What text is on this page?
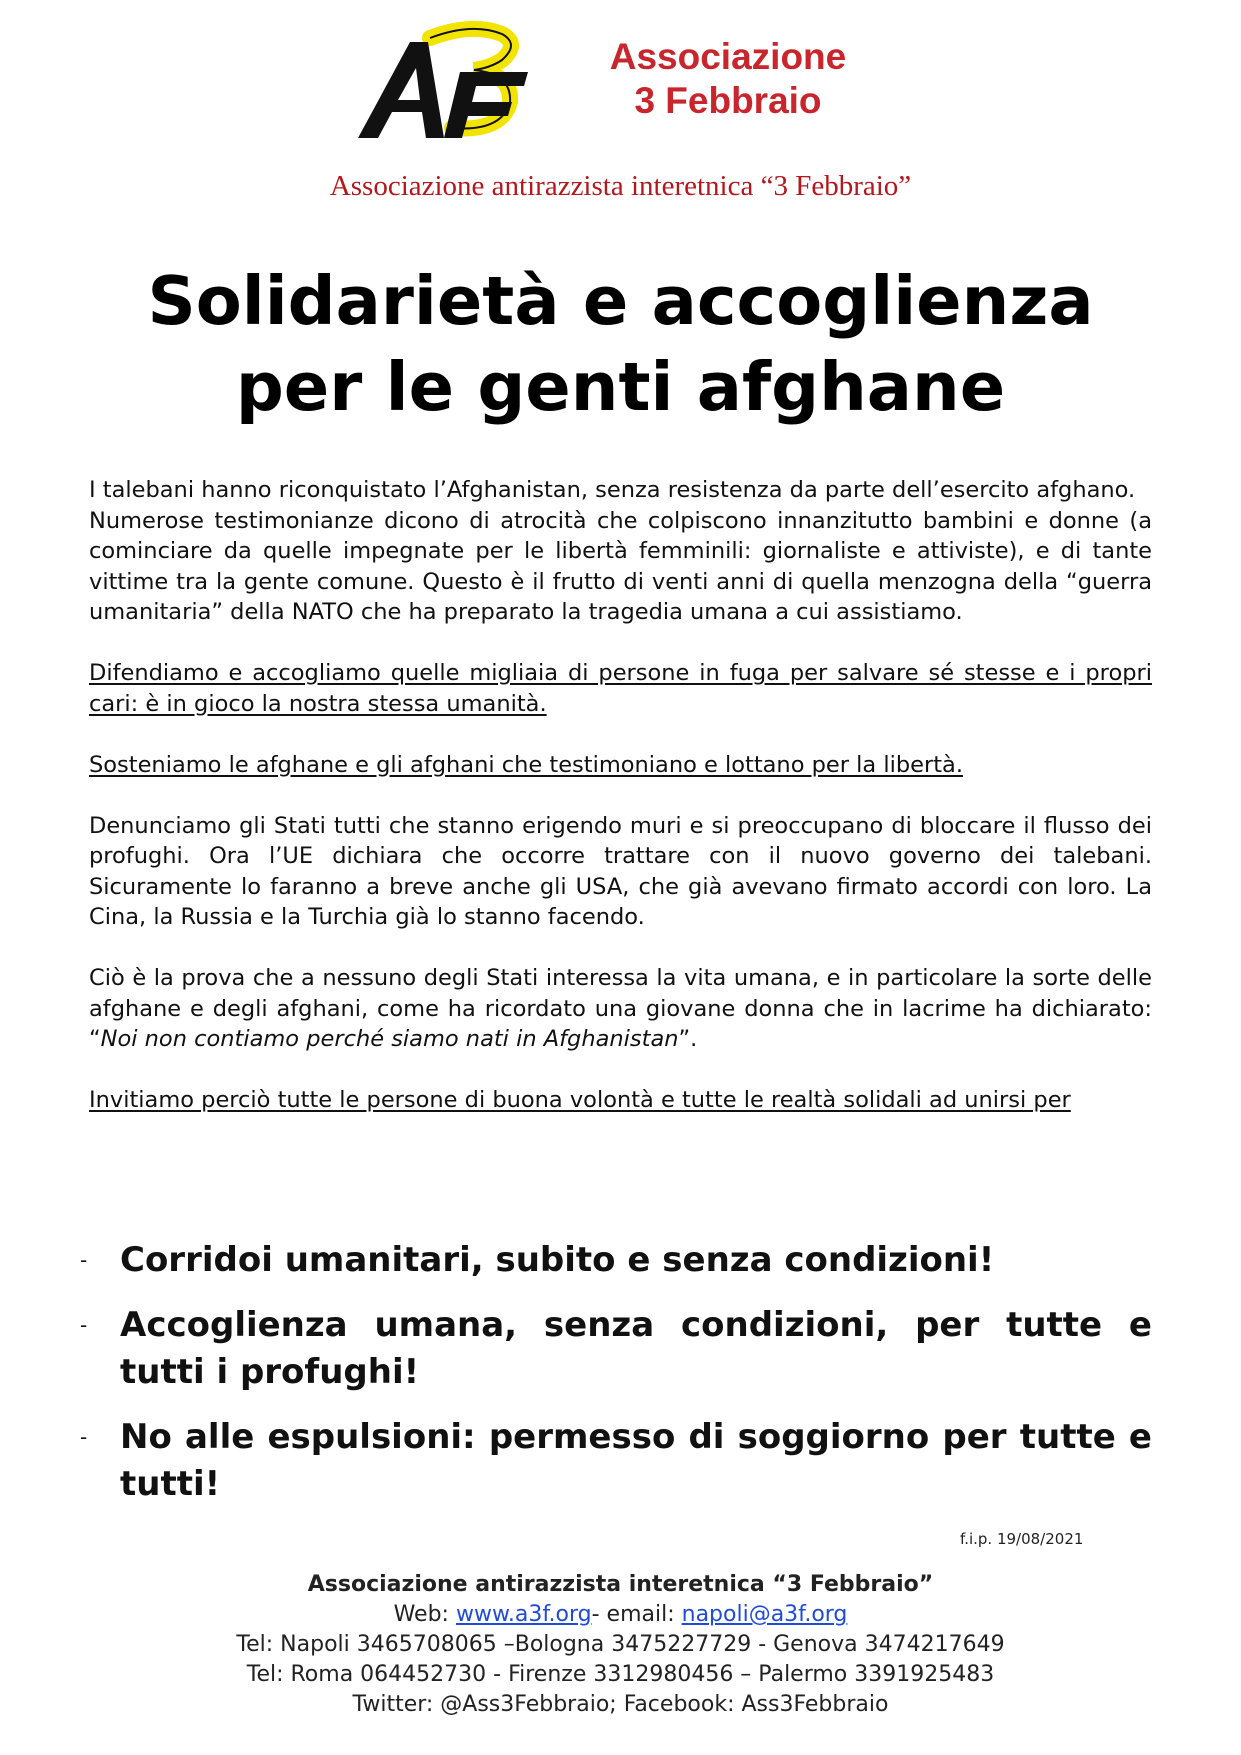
Associazione
3 Febbraio
Associazione antirazzista interetnica “3 Febbraio”
Solidarietà e accoglienza
per le genti afghane

I talebani hanno riconquistato l’Afghanistan, senza resistenza da parte dell’esercito afghano.

Numerose testimonianze dicono di atrocità che colpiscono innanzitutto bambini e donne (a cominciare da quelle impegnate per le libertà femminili: giornaliste e attiviste), e di tante vittime tra la gente comune. Questo è il frutto di venti anni di quella menzogna della “guerra umanitaria” della NATO che ha preparato la tragedia umana a cui assistiamo.

Difendiamo e accogliamo quelle migliaia di persone in fuga per salvare sé stesse e i propri cari: è in gioco la nostra stessa umanità.

Sosteniamo le afghane e gli afghani che testimoniano e lottano per la libertà.

Denunciamo gli Stati tutti che stanno erigendo muri e si preoccupano di bloccare il flusso dei profughi. Ora l’UE dichiara che occorre trattare con il nuovo governo dei talebani. Sicuramente lo faranno a breve anche gli USA, che già avevano firmato accordi con loro. La Cina, la Russia e la Turchia già lo stanno facendo.

Ciò è la prova che a nessuno degli Stati interessa la vita umana, e in particolare la sorte delle afghane e degli afghani, come ha ricordato una giovane donna che in lacrime ha dichiarato: “Noi non contiamo perché siamo nati in Afghanistan”.

Invitiamo perciò tutte le persone di buona volontà e tutte le realtà solidali ad unirsi per

- Corridoi umanitari, subito e senza condizioni!
- Accoglienza umana, senza condizioni, per tutte e tutti i profughi!
- No alle espulsioni: permesso di soggiorno per tutte e tutti!
f.i.p. 19/08/2021
Associazione antirazzista interetnica “3 Febbraio”
Web: www.a3f.org- email: napoli@a3f.org
Tel: Napoli 3465708065 –Bologna 3475227729 - Genova 3474217649
Tel: Roma 064452730 - Firenze 3312980456 – Palermo 3391925483
Twitter: @Ass3Febbraio; Facebook: Ass3Febbraio
